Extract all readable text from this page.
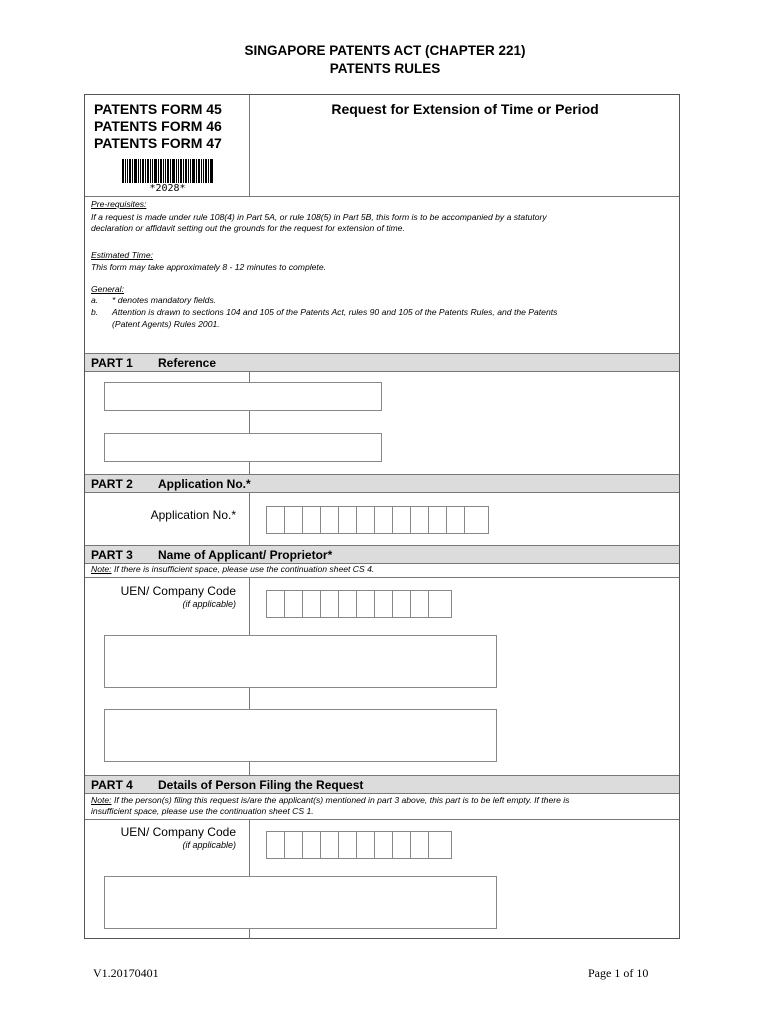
SINGAPORE PATENTS ACT (CHAPTER 221)
PATENTS RULES
PATENTS FORM 45
PATENTS FORM 46
PATENTS FORM 47
*2028*
Request for Extension of Time or Period
Pre-requisites:
If a request is made under rule 108(4) in Part 5A, or rule 108(5) in Part 5B, this form is to be accompanied by a statutory
declaration or affidavit setting out the grounds for the request for extension of time.
Estimated Time:
This form may take approximately 8 - 12 minutes to complete.
General:
a. * denotes mandatory fields.
b. Attention is drawn to sections 104 and 105 of the Patents Act, rules 90 and 105 of the Patents Rules, and the Patents
(Patent Agents) Rules 2001.
PART 1 Reference
PART 2 Application No.*
Application No.*
PART 3 Name of Applicant/ Proprietor*
Note: If there is insufficient space, please use the continuation sheet CS 4.
UEN/ Company Code
(if applicable)
PART 4 Details of Person Filing the Request
Note: If the person(s) filing this request is/are the applicant(s) mentioned in part 3 above, this part is to be left empty. If there is
insufficient space, please use the continuation sheet CS 1.
UEN/ Company Code
(if applicable)
V1.20170401	Page 1 of 10
